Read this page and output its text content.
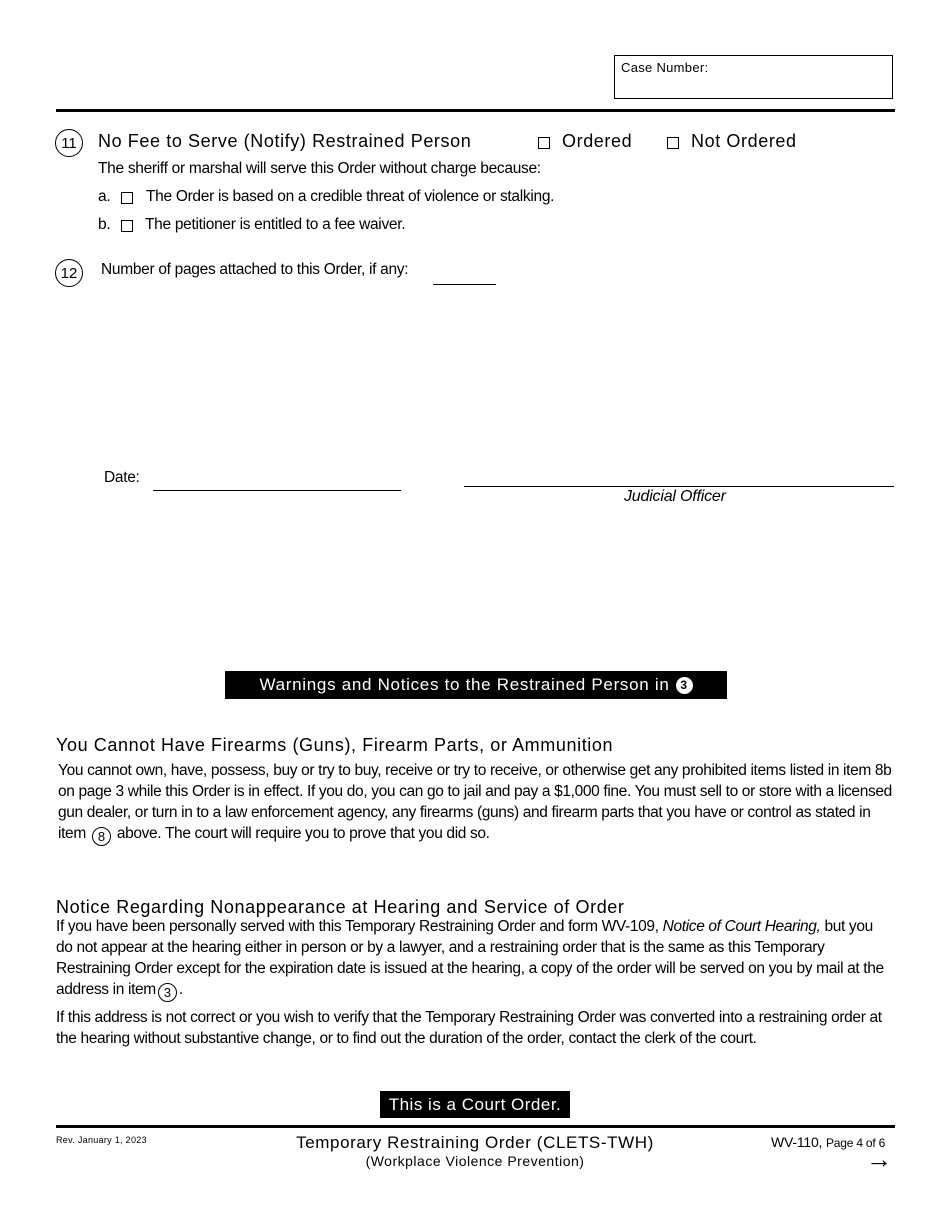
Case Number:
11	No Fee to Serve (Notify) Restrained Person	Ordered	Not Ordered
The sheriff or marshal will serve this Order without charge because:
a. The Order is based on a credible threat of violence or stalking.
b. The petitioner is entitled to a fee waiver.
12	Number of pages attached to this Order, if any:
Date:
Judicial Officer
Warnings and Notices to the Restrained Person in 3
You Cannot Have Firearms (Guns), Firearm Parts, or Ammunition
You cannot own, have, possess, buy or try to buy, receive or try to receive, or otherwise get any prohibited items listed in item 8b on page 3 while this Order is in effect. If you do, you can go to jail and pay a $1,000 fine. You must sell to or store with a licensed gun dealer, or turn in to a law enforcement agency, any firearms (guns) and firearm parts that you have or control as stated in item 8 above. The court will require you to prove that you did so.
Notice Regarding Nonappearance at Hearing and Service of Order
If you have been personally served with this Temporary Restraining Order and form WV-109, Notice of Court Hearing, but you do not appear at the hearing either in person or by a lawyer, and a restraining order that is the same as this Temporary Restraining Order except for the expiration date is issued at the hearing, a copy of the order will be served on you by mail at the address in item 3 .
If this address is not correct or you wish to verify that the Temporary Restraining Order was converted into a restraining order at the hearing without substantive change, or to find out the duration of the order, contact the clerk of the court.
This is a Court Order.
Rev. January 1, 2023	Temporary Restraining Order (CLETS-TWH)
(Workplace Violence Prevention)
WV-110, Page 4 of 6
→
